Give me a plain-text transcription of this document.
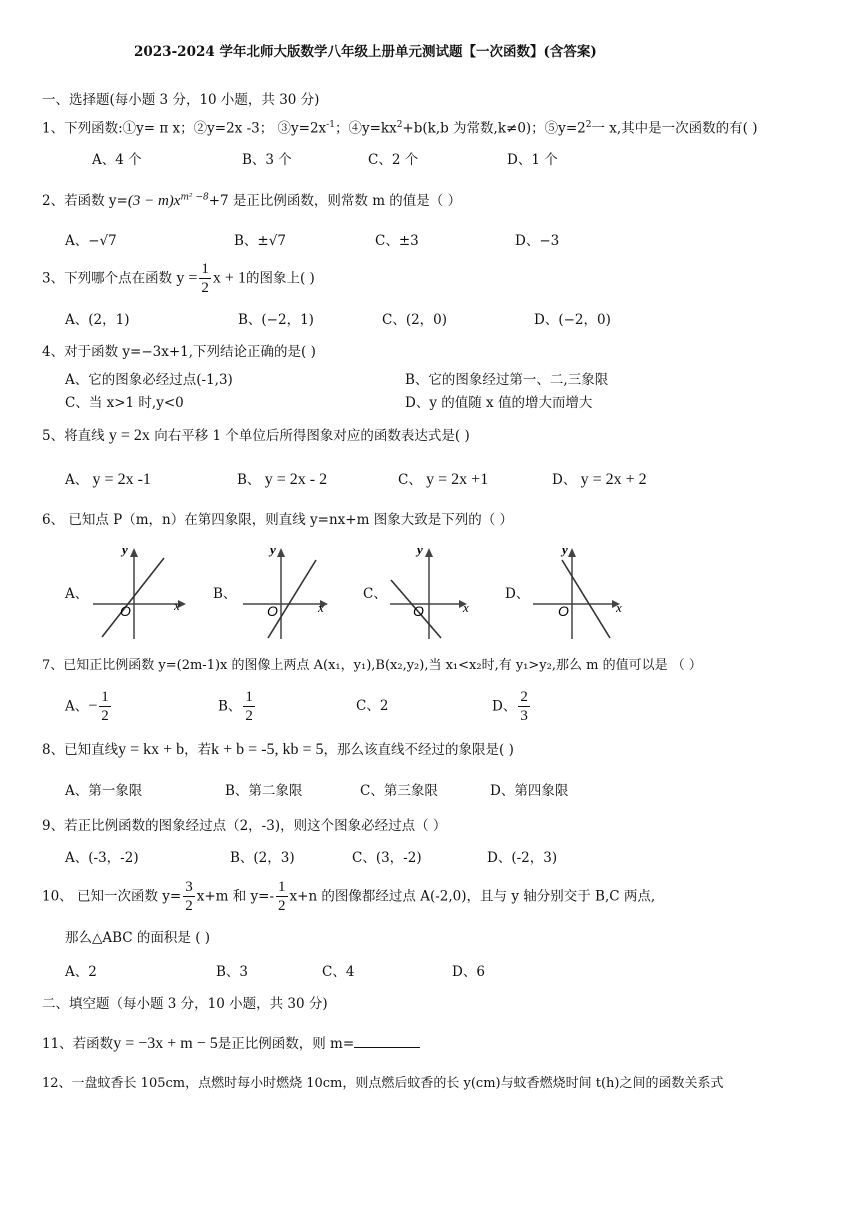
2023-2024 学年北师大版数学八年级上册单元测试题【一次函数】(含答案)
一、选择题(每小题 3 分，10 小题，共 30 分)
1、下列函数:①y= π x；②y=2x -3； $③y=2x^{-1}$；$④y=kx^2+b(k,b$ 为常数,k≠0)；$⑤y=2^2$一 x,其中是一次函数的有( )
A、4 个	B、3 个	C、2 个	D、1 个
2、若函数 $y=(3 - m)x^{m^2 -8}+7$ 是正比例函数，则常数 m 的值是（ ）
A、−√7	B、±√7	C、±3	D、−3
3、下列哪个点在函数 $y = \frac{1}{2}$ x + 1的图象上( )
A、(2，1)	B、(−2，1)	C、(2，0)	D、(−2，0)
4、对于函数 y=−3x+1,下列结论正确的是( )
A、它的图象必经过点(-1,3)	B、它的图象经过第一、二,三象限
C、当 x>1 时,y<0	D、y 的值随 x 值的增大而增大
5、将直线 y = 2x 向右平移 1 个单位后所得图象对应的函数表达式是( )
A、 y = 2x -1	B、 y = 2x - 2	C、 y = 2x +1	D、 y = 2x + 2
6、 已知点 P（m，n）在第四象限，则直线 y=nx+m 图象大致是下列的（ ）
A、	B、	C、	D、
x
y
O	x
y
O	x
y
O	x
y
O
7、已知正比例函数 y=(2m-1)x 的图像上两点 A(x₁，y₁),B(x₂,y₂),当 x₁<x₂时,有 y₁>y₂,那么 m 的值可以是 （ ）
A、− $\frac{1}{2}$	B、 $\frac{1}{2}$	C、2	D、 $\frac{2}{3}$
8、已知直线y = kx + b，若k + b = -5, kb = 5，那么该直线不经过的象限是( )
A、第一象限	B、第二象限	C、第三象限	D、第四象限
9、若正比例函数的图象经过点（2，-3)，则这个图象必经过点（ ）
A、(-3，-2)	B、(2，3)	C、(3，-2)	D、(-2，3)
10、 已知一次函数 $y= \frac{3}{2} x+m$ 和 $y=- \frac{1}{2} x+n$ 的图像都经过点 A(-2,0)，且与 y 轴分别交于 B,C 两点,
那么△ABC 的面积是 ( )
A、2	B、3	C、4	D、6
二、填空题（每小题 3 分，10 小题，共 30 分)
11、若函数y = −3x + m − 5是正比例函数，则 m=
12、一盘蚊香长 105cm，点燃时每小时燃烧 10cm，则点燃后蚊香的长 y(cm)与蚊香燃烧时间 t(h)之间的函数关系式
